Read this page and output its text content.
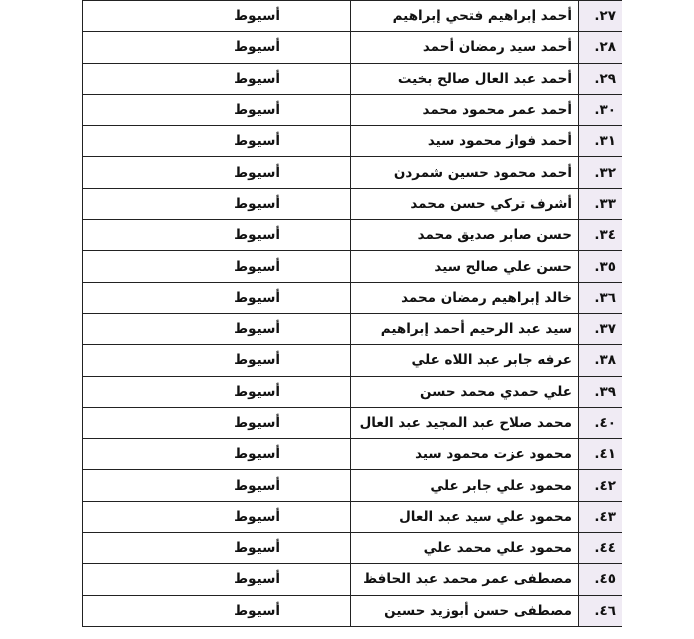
٢٧.	أحمد إبراهيم فتحي إبراهيم	أسيوط
٢٨.	أحمد سيد رمضان أحمد	أسيوط
٢٩.	أحمد عبد العال صالح بخيت	أسيوط
٣٠.	أحمد عمر محمود محمد	أسيوط
٣١.	أحمد فواز محمود سيد	أسيوط
٣٢.	أحمد محمود حسين شمردن	أسيوط
٣٣.	أشرف تركي حسن محمد	أسيوط
٣٤.	حسن صابر صديق محمد	أسيوط
٣٥.	حسن علي صالح سيد	أسيوط
٣٦.	خالد إبراهيم رمضان محمد	أسيوط
٣٧.	سيد عبد الرحيم أحمد إبراهيم	أسيوط
٣٨.	عرفه جابر عبد اللاه علي	أسيوط
٣٩.	علي حمدي محمد حسن	أسيوط
٤٠.	محمد صلاح عبد المجيد عبد العال	أسيوط
٤١.	محمود عزت محمود سيد	أسيوط
٤٢.	محمود علي جابر علي	أسيوط
٤٣.	محمود علي سيد عبد العال	أسيوط
٤٤.	محمود علي محمد علي	أسيوط
٤٥.	مصطفى عمر محمد عبد الحافظ	أسيوط
٤٦.	مصطفى حسن أبوزيد حسين	أسيوط
